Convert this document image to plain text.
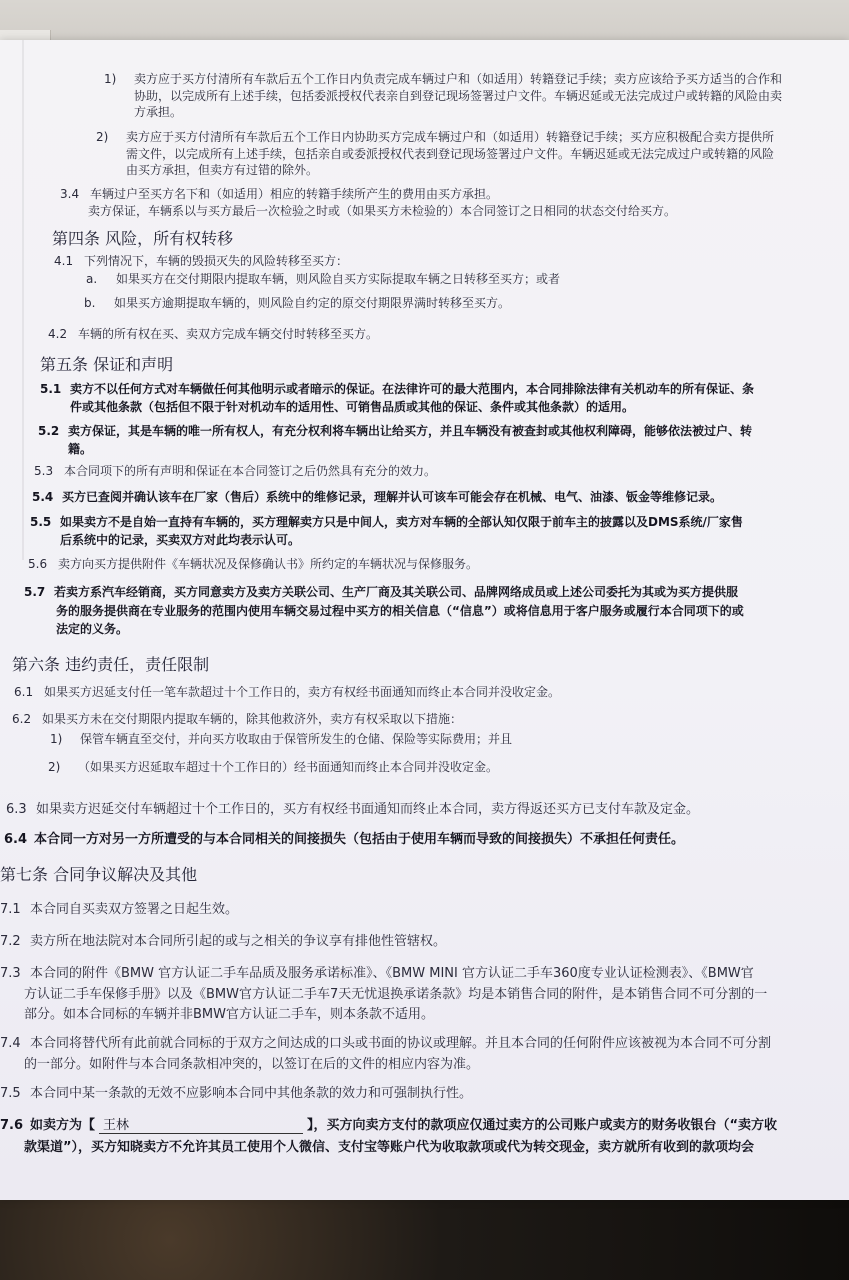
1) 卖方应于买方付清所有车款后五个工作日内负责完成车辆过户和（如适用）转籍登记手续；卖方应该给予买方适当的合作和
协助，以完成所有上述手续，包括委派授权代表亲自到登记现场签署过户文件。车辆迟延或无法完成过户或转籍的风险由卖
方承担。
2) 卖方应于买方付清所有车款后五个工作日内协助买方完成车辆过户和（如适用）转籍登记手续；买方应积极配合卖方提供所
需文件，以完成所有上述手续，包括亲自或委派授权代表到登记现场签署过户文件。车辆迟延或无法完成过户或转籍的风险
由买方承担，但卖方有过错的除外。
3.4 车辆过户至买方名下和（如适用）相应的转籍手续所产生的费用由买方承担。
卖方保证，车辆系以与买方最后一次检验之时或（如果买方未检验的）本合同签订之日相同的状态交付给买方。
第四条 风险，所有权转移
4.1 下列情况下，车辆的毁损灭失的风险转移至买方：
a. 如果买方在交付期限内提取车辆，则风险自买方实际提取车辆之日转移至买方；或者
b. 如果买方逾期提取车辆的，则风险自约定的原交付期限界满时转移至买方。
4.2 车辆的所有权在买、卖双方完成车辆交付时转移至买方。
第五条 保证和声明
5.1 卖方不以任何方式对车辆做任何其他明示或者暗示的保证。在法律许可的最大范围内，本合同排除法律有关机动车的所有保证、条
件或其他条款（包括但不限于针对机动车的适用性、可销售品质或其他的保证、条件或其他条款）的适用。
5.2 卖方保证，其是车辆的唯一所有权人，有充分权利将车辆出让给买方，并且车辆没有被查封或其他权利障碍，能够依法被过户、转
籍。
5.3 本合同项下的所有声明和保证在本合同签订之后仍然具有充分的效力。
5.4 买方已查阅并确认该车在厂家（售后）系统中的维修记录，理解并认可该车可能会存在机械、电气、油漆、钣金等维修记录。
5.5 如果卖方不是自始一直持有车辆的，买方理解卖方只是中间人，卖方对车辆的全部认知仅限于前车主的披露以及DMS系统/厂家售
后系统中的记录，买卖双方对此均表示认可。
5.6 卖方向买方提供附件《车辆状况及保修确认书》所约定的车辆状况与保修服务。
5.7 若卖方系汽车经销商，买方同意卖方及卖方关联公司、生产厂商及其关联公司、品牌网络成员或上述公司委托为其或为买方提供服
务的服务提供商在专业服务的范围内使用车辆交易过程中买方的相关信息（“信息”）或将信息用于客户服务或履行本合同项下的或
法定的义务。
第六条 违约责任，责任限制
6.1 如果买方迟延支付任一笔车款超过十个工作日的，卖方有权经书面通知而终止本合同并没收定金。
6.2 如果买方未在交付期限内提取车辆的，除其他救济外，卖方有权采取以下措施：
1) 保管车辆直至交付，并向买方收取由于保管所发生的仓储、保险等实际费用；并且
2) （如果买方迟延取车超过十个工作日的）经书面通知而终止本合同并没收定金。
6.3 如果卖方迟延交付车辆超过十个工作日的，买方有权经书面通知而终止本合同，卖方得返还买方已支付车款及定金。
6.4 本合同一方对另一方所遭受的与本合同相关的间接损失（包括由于使用车辆而导致的间接损失）不承担任何责任。
第七条 合同争议解决及其他
7.1 本合同自买卖双方签署之日起生效。
7.2 卖方所在地法院对本合同所引起的或与之相关的争议享有排他性管辖权。
7.3 本合同的附件《BMW 官方认证二手车品质及服务承诺标准》、《BMW MINI 官方认证二手车360度专业认证检测表》、《BMW官
方认证二手车保修手册》以及《BMW官方认证二手车7天无忧退换承诺条款》均是本销售合同的附件，是本销售合同不可分割的一
部分。如本合同标的车辆并非BMW官方认证二手车，则本条款不适用。
7.4 本合同将替代所有此前就合同标的于双方之间达成的口头或书面的协议或理解。并且本合同的任何附件应该被视为本合同不可分割
的一部分。如附件与本合同条款相冲突的，以签订在后的文件的相应内容为准。
7.5 本合同中某一条款的无效不应影响本合同中其他条款的效力和可强制执行性。
7.6 如卖方为【 王林	】，买方向卖方支付的款项应仅通过卖方的公司账户或卖方的财务收银台（“卖方收
款渠道”），买方知晓卖方不允许其员工使用个人微信、支付宝等账户代为收取款项或代为转交现金，卖方就所有收到的款项均会
